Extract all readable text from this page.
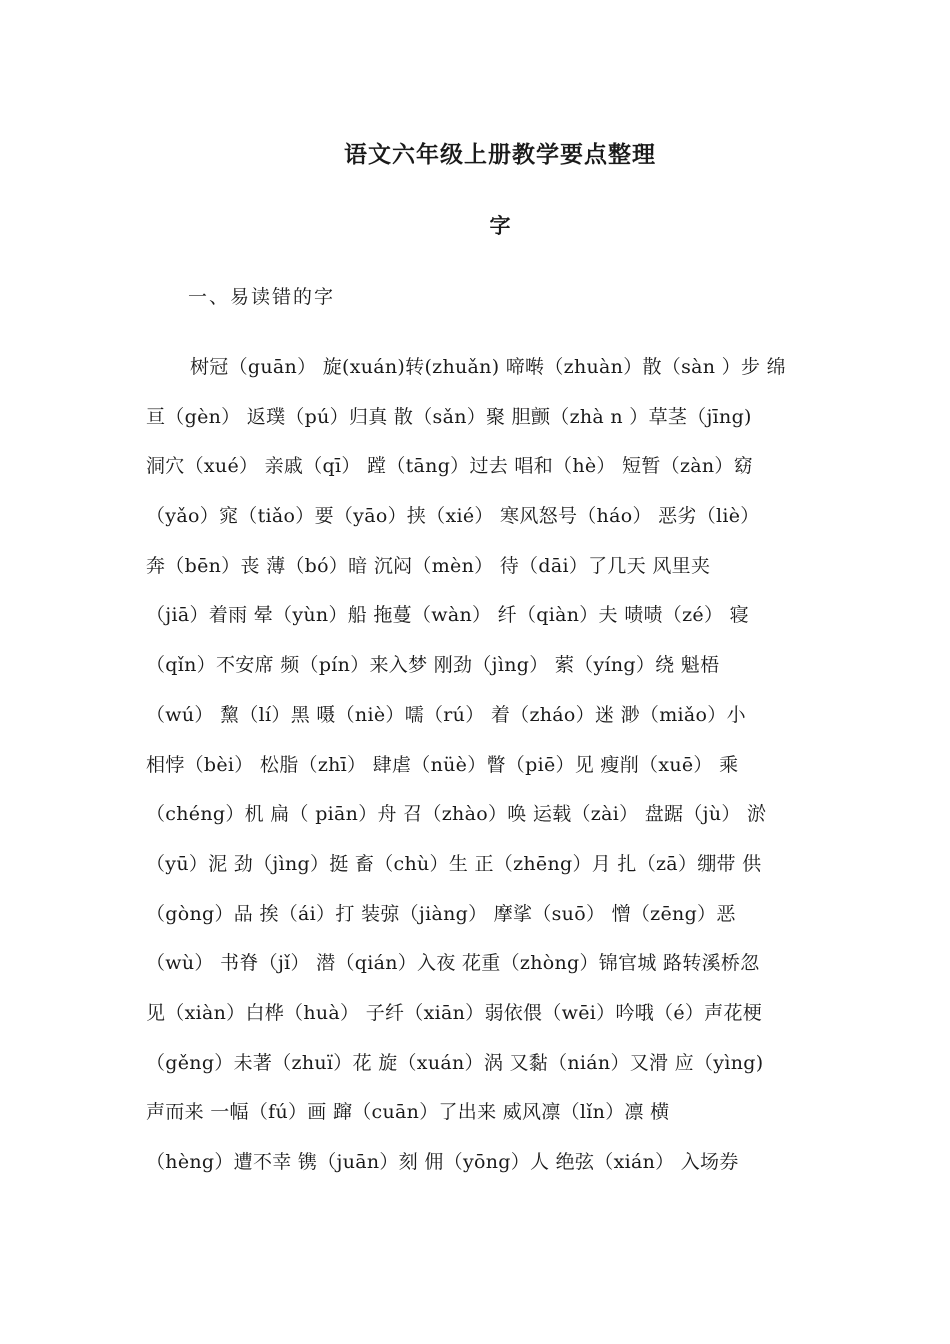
语文六年级上册教学要点整理
字
一、易读错的字
树冠（guān） 旋(xuán)转(zhuǎn) 啼啭（zhuàn）散（sàn ）步 绵
亘（gèn） 返璞（pú）归真 散（sǎn）聚 胆颤（zhà n ）草茎（jīng)
洞穴（xué） 亲戚（qī） 蹚（tāng）过去 唱和（hè） 短暂（zàn）窈
（yǎo）窕（tiǎo）要（yāo）挟（xié） 寒风怒号（háo） 恶劣（liè）
奔（bēn）丧 薄（bó）暗 沉闷（mèn） 待（dāi）了几天 风里夹
（jiā）着雨 晕（yùn）船 拖蔓（wàn） 纤（qiàn）夫 啧啧（zé） 寝
（qǐn）不安席 频（pín）来入梦 刚劲（jìng） 萦（yíng）绕 魁梧
（wú） 黧（lí）黑 嗫（niè）嚅（rú） 着（zháo）迷 渺（miǎo）小
相悖（bèi） 松脂（zhī） 肆虐（nüè）瞥（piē）见 瘦削（xuē） 乘
（chéng）机 扁（ piān）舟 召（zhào）唤 运载（zài） 盘踞（jù） 淤
（yū）泥 劲（jìng）挺 畜（chù）生 正（zhēng）月 扎（zā）绷带 供
（gòng）品 挨（ái）打 装弶（jiàng） 摩挲（suō） 憎（zēng）恶
（wù） 书脊（jǐ） 潜（qián）入夜 花重（zhòng）锦官城 路转溪桥忽
见（xiàn）白桦（huà） 子纤（xiān）弱依偎（wēi）吟哦（é）声花梗
（gěng）未著（zhuï）花 旋（xuán）涡 又黏（nián）又滑 应（yìng)
声而来 一幅（fú）画 蹿（cuān）了出来 威风凛（lǐn）凛 横
（hèng）遭不幸 镌（juān）刻 佣（yōng）人 绝弦（xián） 入场券
